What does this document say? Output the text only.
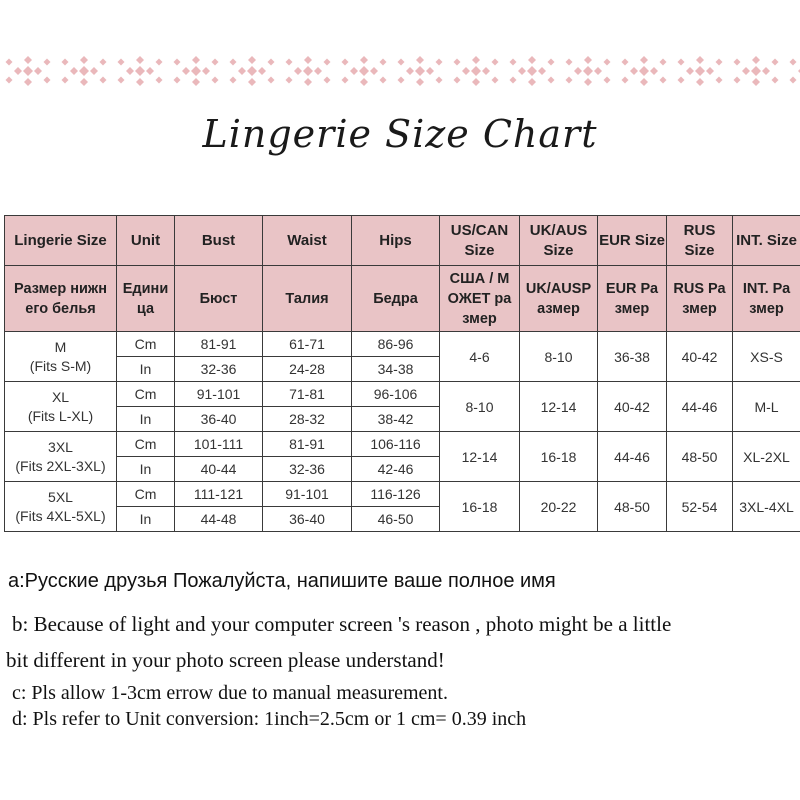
Lingerie Size Chart
Lingerie Size	Unit	Bust	Waist	Hips	US/CAN Size	UK/AUS Size	EUR Size	RUS Size	INT. Size
Размер нижн его белья	Едини ца	Бюст	Талия	Бедра	США / М ОЖЕТ ра змер	UK/AUSP азмер	EUR Ра змер	RUS Ра змер	INT. Ра змер
M
(Fits S-M)	Cm	81-91	61-71	86-96	4-6	8-10	36-38	40-42	XS-S
	In	32-36	24-28	34-38					
XL
(Fits L-XL)	Cm	91-101	71-81	96-106	8-10	12-14	40-42	44-46	M-L
	In	36-40	28-32	38-42					
3XL
(Fits 2XL-3XL)	Cm	101-111	81-91	106-116	12-14	16-18	44-46	48-50	XL-2XL
	In	40-44	32-36	42-46					
5XL
(Fits 4XL-5XL)	Cm	111-121	91-101	116-126	16-18	20-22	48-50	52-54	3XL-4XL
	In	44-48	36-40	46-50					
a:Русские друзья Пожалуйста, напишите ваше полное имя
b: Because of light and your computer screen 's reason , photo might be a little
bit different in your photo screen please understand!
c: Pls allow 1-3cm errow due to manual measurement.
d: Pls refer to Unit conversion: 1inch=2.5cm or 1 cm= 0.39 inch
